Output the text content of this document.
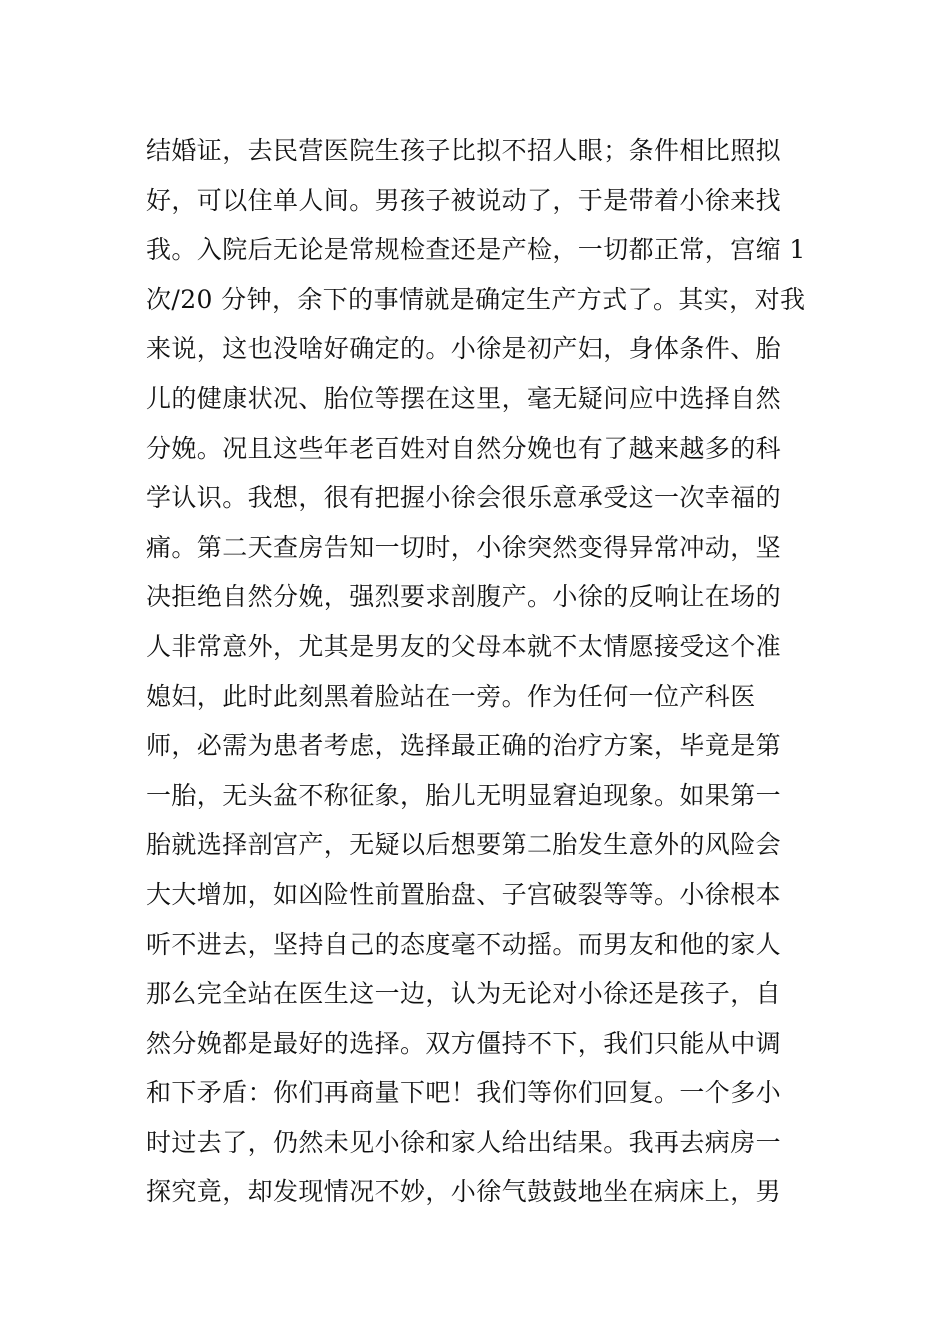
结婚证，去民营医院生孩子比拟不招人眼；条件相比照拟
好，可以住单人间。男孩子被说动了，于是带着小徐来找
我。入院后无论是常规检查还是产检，一切都正常，宫缩 1
次/20 分钟，余下的事情就是确定生产方式了。其实，对我
来说，这也没啥好确定的。小徐是初产妇，身体条件、胎
儿的健康状况、胎位等摆在这里，毫无疑问应中选择自然
分娩。况且这些年老百姓对自然分娩也有了越来越多的科
学认识。我想，很有把握小徐会很乐意承受这一次幸福的
痛。第二天查房告知一切时，小徐突然变得异常冲动，坚
决拒绝自然分娩，强烈要求剖腹产。小徐的反响让在场的
人非常意外，尤其是男友的父母本就不太情愿接受这个准
媳妇，此时此刻黑着脸站在一旁。作为任何一位产科医
师，必需为患者考虑，选择最正确的治疗方案，毕竟是第
一胎，无头盆不称征象，胎儿无明显窘迫现象。如果第一
胎就选择剖宫产，无疑以后想要第二胎发生意外的风险会
大大增加，如凶险性前置胎盘、子宫破裂等等。小徐根本
听不进去，坚持自己的态度毫不动摇。而男友和他的家人
那么完全站在医生这一边，认为无论对小徐还是孩子，自
然分娩都是最好的选择。双方僵持不下，我们只能从中调
和下矛盾：你们再商量下吧！我们等你们回复。一个多小
时过去了，仍然未见小徐和家人给出结果。我再去病房一
探究竟，却发现情况不妙，小徐气鼓鼓地坐在病床上，男
